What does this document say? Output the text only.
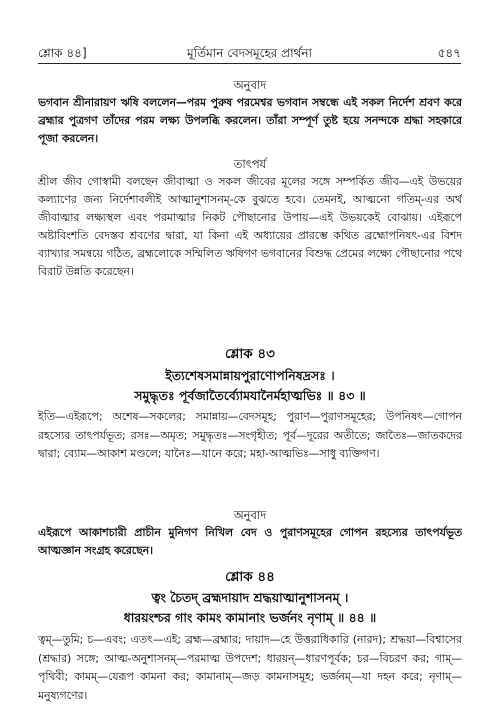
শ্লোক ৪৪]	মূর্তিমান বেদসমূহের প্রার্থনা	৫৪৭
অনুবাদ
ভগবান শ্রীনারায়ণ ঋষি বললেন—পরম পুরুষ পরমেশ্বর ভগবান সম্বন্ধে এই সকল নির্দেশ শ্রবণ করে ব্রহ্মার পুত্রগণ তাঁদের পরম লক্ষ্য উপলব্ধি করলেন। তাঁরা সম্পূর্ণ তুষ্ট হয়ে সনন্দকে শ্রদ্ধা সহকারে পূজা করলেন।
তাৎপর্য
শ্রীল জীব গোস্বামী বলছেন জীবাত্মা ও সকল জীবের মূলের সঙ্গে সম্পর্কিত জীব—এই উভয়ের কল্যাণের জন্য নির্দেশাবলীই আত্মানুশাসনম্-কে বুঝতে হবে। তেমনই, আত্মনো গতিম্-এর অর্থ জীবাত্মার লক্ষ্যস্থল এবং পরমাত্মার নিকট পৌছানোর উপায়—এই উভয়কেই বোঝায়। এইরূপে অষ্টাবিংশতি বেদস্তব শ্রবণের দ্বারা, যা কিনা এই অধ্যায়ের প্রারম্ভে কথিত ব্রহ্মোপনিষৎ-এর বিশদ ব্যাখ্যার সমন্বয়ে গঠিত, ব্রহ্মলোকে সম্মিলিত ঋষিগণ ভগবানের বিশুদ্ধ প্রেমের লক্ষ্যে পৌছানোর পথে বিরাট উন্নতি করেছেন।
শ্লোক ৪৩
ইত্যশেষসমান্নায়পুরাণোপনিষদ্রসঃ ।
সমুদ্ধৃতঃ পূর্বজাতৈর্ব্যোমযানৈর্মহাত্মভিঃ ॥ ৪৩ ॥
ইতি—এইরূপে; অশেষ—সকলের; সমান্নায়—বেদসমূহ; পুরাণ—পুরাণসমূহের; উপনিষৎ—গোপন রহস্যের তাৎপর্যভূত; রসঃ—অমৃত; সমুদ্ধৃতঃ—সংগৃহীত; পূর্ব—দূরের অতীতে; জাতৈঃ—জাতকদের দ্বারা; ব্যোম—আকাশ মণ্ডলে; যানৈঃ—যানে করে; মহা-আত্মভিঃ—সাধু ব্যক্তিগণ।
অনুবাদ
এইরূপে আকাশচারী প্রাচীন মুনিগণ নিখিল বেদ ও পুরাণসমূহের গোপন রহস্যের তাৎপর্যভূত আত্মজ্ঞান সংগ্রহ করেছেন।
শ্লোক ৪৪
ত্বং চৈতদ্ ব্রহ্মদায়াদ শ্রদ্ধয়াত্মানুশাসনম্ ।
ধারয়ংশ্চর গাং কামং কামানাং ভর্জনং নৃণাম্ ॥ ৪৪ ॥
ত্বম্—তুমি; চ—এবং; এতৎ—এই; ব্রহ্ম—ব্রহ্মার; দায়াদ—হে উত্তরাধিকারি (নারদ); শ্রদ্ধয়া—বিশ্বাসের (শ্রদ্ধার) সঙ্গে; আত্ম-অনুশাসনম্—পরমাত্ম উপদেশ; ধারয়ন্—ধারণপূর্বক; চর—বিচরণ কর; গাম্—পৃথিবী; কামম্—যেরূপ কামনা কর; কামানাম্—জড় কামনাসমূহ; ভর্জনম্—যা দহন করে; নৃণাম্—মনুষ্যগণের।
